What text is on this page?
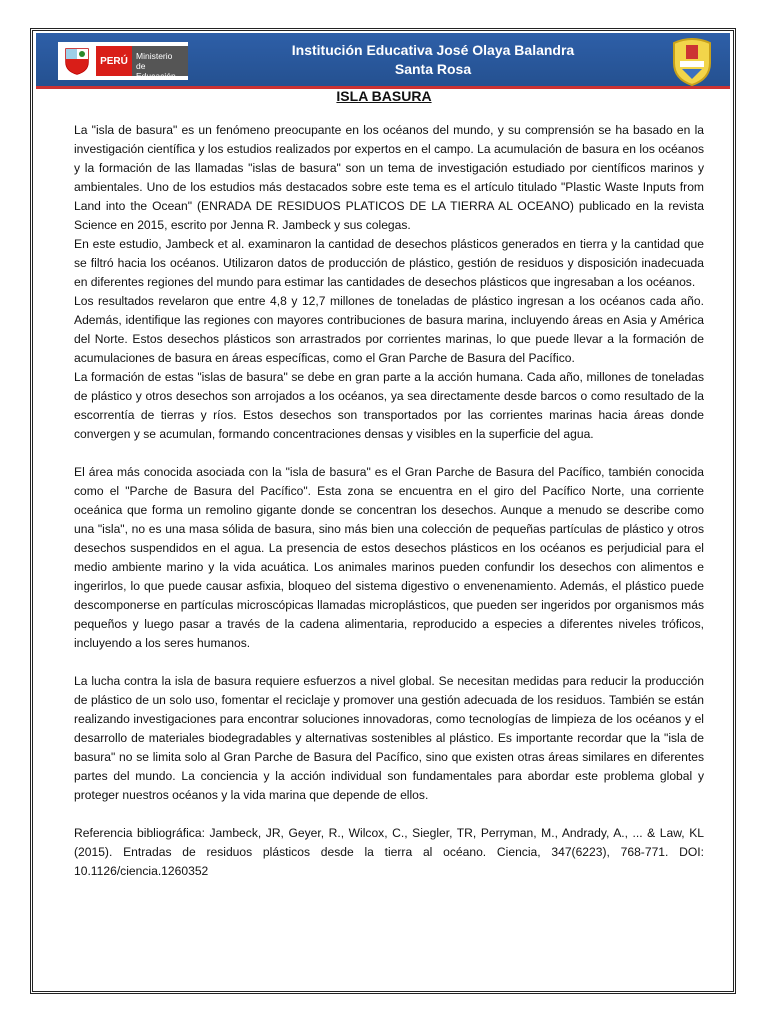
PERÚ Ministerio
de Educación
Institución Educativa José Olaya Balandra
Santa Rosa
ISLA BASURA

La "isla de basura" es un fenómeno preocupante en los océanos del mundo, y su comprensión se ha basado en la investigación científica y los estudios realizados por expertos en el campo. La acumulación de basura en los océanos y la formación de las llamadas "islas de basura" son un tema de investigación estudiado por científicos marinos y ambientales. Uno de los estudios más destacados sobre este tema es el artículo titulado "Plastic Waste Inputs from Land into the Ocean" (ENRADA DE RESIDUOS PLATICOS DE LA TIERRA AL OCEANO) publicado en la revista Science en 2015, escrito por Jenna R. Jambeck y sus colegas.

En este estudio, Jambeck et al. examinaron la cantidad de desechos plásticos generados en tierra y la cantidad que se filtró hacia los océanos. Utilizaron datos de producción de plástico, gestión de residuos y disposición inadecuada en diferentes regiones del mundo para estimar las cantidades de desechos plásticos que ingresaban a los océanos.

Los resultados revelaron que entre 4,8 y 12,7 millones de toneladas de plástico ingresan a los océanos cada año. Además, identifique las regiones con mayores contribuciones de basura marina, incluyendo áreas en Asia y América del Norte. Estos desechos plásticos son arrastrados por corrientes marinas, lo que puede llevar a la formación de acumulaciones de basura en áreas específicas, como el Gran Parche de Basura del Pacífico.

La formación de estas "islas de basura" se debe en gran parte a la acción humana. Cada año, millones de toneladas de plástico y otros desechos son arrojados a los océanos, ya sea directamente desde barcos o como resultado de la escorrentía de tierras y ríos. Estos desechos son transportados por las corrientes marinas hacia áreas donde convergen y se acumulan, formando concentraciones densas y visibles en la superficie del agua.

El área más conocida asociada con la "isla de basura" es el Gran Parche de Basura del Pacífico, también conocida como el "Parche de Basura del Pacífico". Esta zona se encuentra en el giro del Pacífico Norte, una corriente oceánica que forma un remolino gigante donde se concentran los desechos. Aunque a menudo se describe como una "isla", no es una masa sólida de basura, sino más bien una colección de pequeñas partículas de plástico y otros desechos suspendidos en el agua. La presencia de estos desechos plásticos en los océanos es perjudicial para el medio ambiente marino y la vida acuática. Los animales marinos pueden confundir los desechos con alimentos e ingerirlos, lo que puede causar asfixia, bloqueo del sistema digestivo o envenenamiento. Además, el plástico puede descomponerse en partículas microscópicas llamadas microplásticos, que pueden ser ingeridos por organismos más pequeños y luego pasar a través de la cadena alimentaria, reproducido a especies a diferentes niveles tróficos, incluyendo a los seres humanos.

La lucha contra la isla de basura requiere esfuerzos a nivel global. Se necesitan medidas para reducir la producción de plástico de un solo uso, fomentar el reciclaje y promover una gestión adecuada de los residuos. También se están realizando investigaciones para encontrar soluciones innovadoras, como tecnologías de limpieza de los océanos y el desarrollo de materiales biodegradables y alternativas sostenibles al plástico. Es importante recordar que la "isla de basura" no se limita solo al Gran Parche de Basura del Pacífico, sino que existen otras áreas similares en diferentes partes del mundo. La conciencia y la acción individual son fundamentales para abordar este problema global y proteger nuestros océanos y la vida marina que depende de ellos.

Referencia bibliográfica: Jambeck, JR, Geyer, R., Wilcox, C., Siegler, TR, Perryman, M., Andrady, A., ... & Law, KL (2015). Entradas de residuos plásticos desde la tierra al océano. Ciencia, 347(6223), 768-771. DOI: 10.1126/ciencia.1260352
